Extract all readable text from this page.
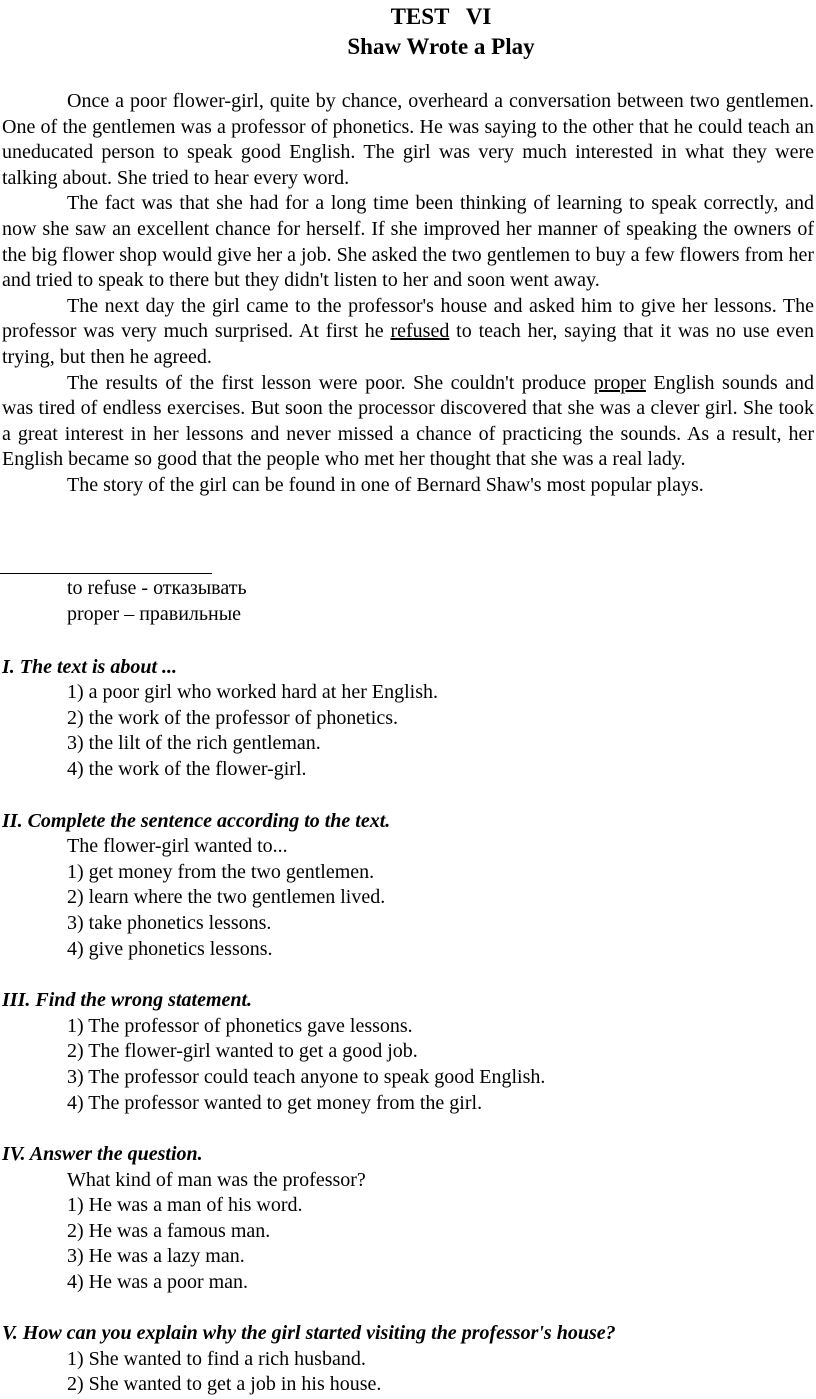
TEST   VI
Shaw Wrote a Play

Once a poor flower-girl, quite by chance, overheard a conversation between two gentlemen. One of the gentlemen was a professor of phonetics. He was saying to the other that he could teach an uneducated person to speak good English. The girl was very much interested in what they were talking about. She tried to hear every word.

The fact was that she had for a long time been thinking of learning to speak correctly, and now she saw an excellent chance for herself. If she improved her manner of speaking the owners of the big flower shop would give her a job. She asked the two gentlemen to buy a few flowers from her and tried to speak to there but they didn't listen to her and soon went away.

The next day the girl came to the professor's house and asked him to give her lessons. The professor was very much surprised. At first he refused to teach her, saying that it was no use even trying, but then he agreed.

The results of the first lesson were poor. She couldn't produce proper English sounds and was tired of endless exercises. But soon the processor discovered that she was a clever girl. She took a great interest in her lessons and never missed a chance of practicing the sounds. As a result, her English became so good that the people who met her thought that she was a real lady.

The story of the girl can be found in one of Bernard Shaw's most popular plays.

to refuse - отказывать
proper – правильные
I. The text is about ...
1) a poor girl who worked hard at her English.
2) the work of the professor of phonetics.
3) the lilt of the rich gentleman.
4) the work of the flower-girl.
II. Complete the sentence according to the text.
The flower-girl wanted to...
1) get money from the two gentlemen.
2) learn where the two gentlemen lived.
3) take phonetics lessons.
4) give phonetics lessons.
III. Find the wrong statement.
1) The professor of phonetics gave lessons.
2) The flower-girl wanted to get a good job.
3) The professor could teach anyone to speak good English.
4) The professor wanted to get money from the girl.
IV. Answer the question.
What kind of man was the professor?
1) He was a man of his word.
2) He was a famous man.
3) He was a lazy man.
4) He was a poor man.
V. How can you explain why the girl started visiting the professor's house?
1) She wanted to find a rich husband.
2) She wanted to get a job in his house.
